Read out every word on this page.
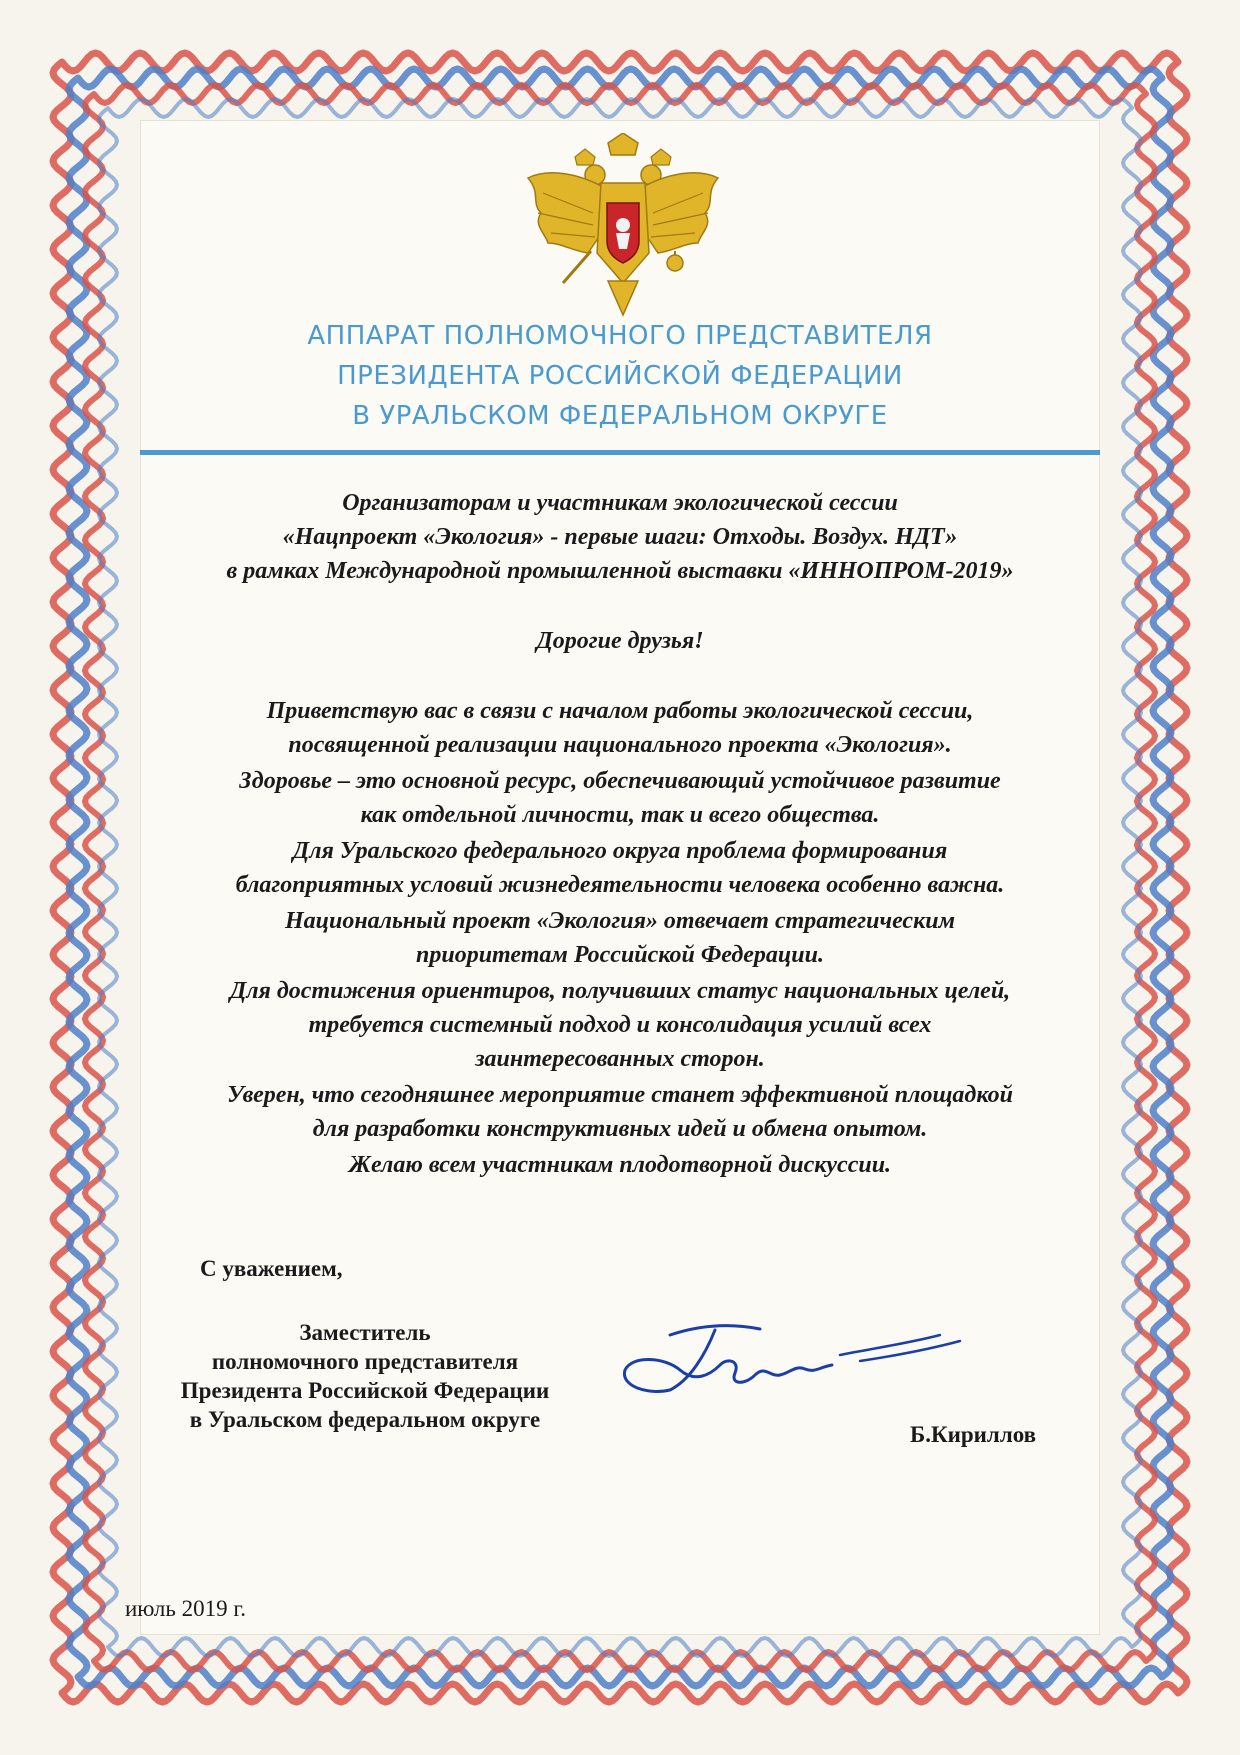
АППАРАТ ПОЛНОМОЧНОГО ПРЕДСТАВИТЕЛЯ
ПРЕЗИДЕНТА РОССИЙСКОЙ ФЕДЕРАЦИИ
В УРАЛЬСКОМ ФЕДЕРАЛЬНОМ ОКРУГЕ
Организаторам и участникам экологической сессии
«Нацпроект «Экология» - первые шаги: Отходы. Воздух. НДТ»
в рамках Международной промышленной выставки «ИННОПРОМ-2019»
Дорогие друзья!
Приветствую вас в связи с началом работы экологической сессии,
посвященной реализации национального проекта «Экология».
Здоровье – это основной ресурс, обеспечивающий устойчивое развитие
как отдельной личности, так и всего общества.
Для Уральского федерального округа проблема формирования
благоприятных условий жизнедеятельности человека особенно важна.
Национальный проект «Экология» отвечает стратегическим
приоритетам Российской Федерации.
Для достижения ориентиров, получивших статус национальных целей,
требуется системный подход и консолидация усилий всех
заинтересованных сторон.
Уверен, что сегодняшнее мероприятие станет эффективной площадкой
для разработки конструктивных идей и обмена опытом.
Желаю всем участникам плодотворной дискуссии.
С уважением,
Заместитель
полномочного представителя
Президента Российской Федерации
в Уральском федеральном округе
Б.Кириллов
июль 2019 г.
